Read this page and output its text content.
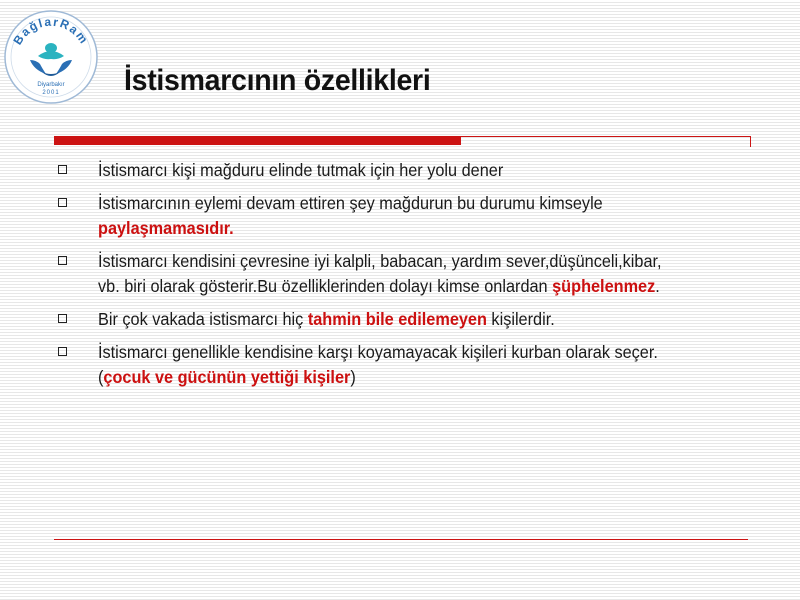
BağlarRam
Diyarbakır
2001 İstismarcının özellikleri
İstismarcı kişi mağduru elinde tutmak için her yolu dener
İstismarcının eylemi devam ettiren şey mağdurun bu durumu kimseyle
paylaşmamasıdır.
İstismarcı kendisini çevresine iyi kalpli, babacan, yardım sever,düşünceli,kibar,
vb. biri olarak gösterir.Bu özelliklerinden dolayı kimse onlardan şüphelenmez.
Bir çok vakada istismarcı hiç tahmin bile edilemeyen kişilerdir.
İstismarcı genellikle kendisine karşı koyamayacak kişileri kurban olarak seçer.
(çocuk ve gücünün yettiği kişiler)
